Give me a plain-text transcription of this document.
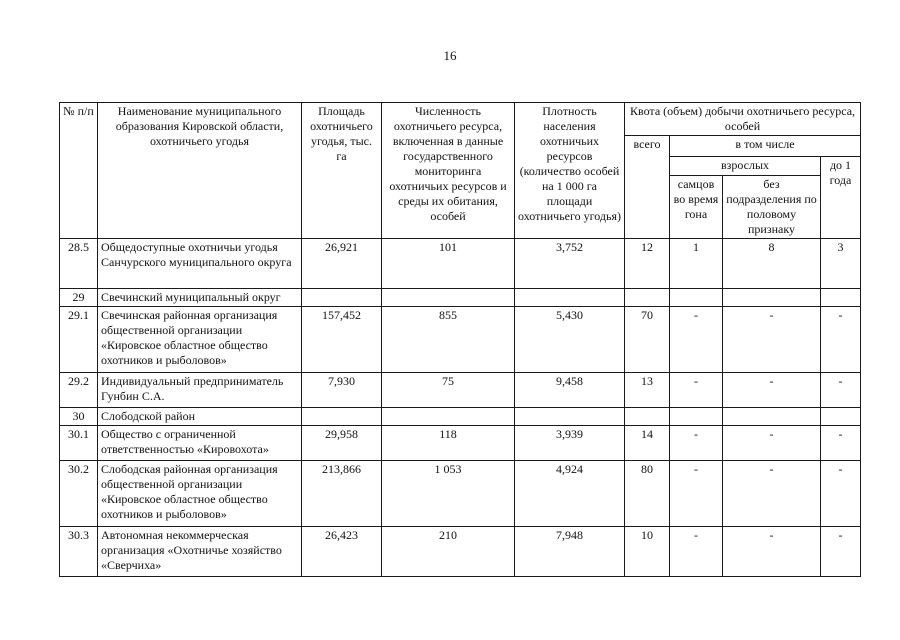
16
№ п/п	Наименование муниципального образования Кировской области, охотничьего угодья	Площадь охотничьего угодья, тыс. га	Численность охотничьего ресурса, включенная в данные государственного мониторинга охотничьих ресурсов и среды их обитания, особей	Плотность населения охотничьих ресурсов (количество особей на 1 000 га площади охотничьего угодья)	Квота (объем) добычи охотничьего ресурса, особей			
					всего	в том числе		
						взрослых		до 1 года
						самцов во время гона	без подразделения по половому признаку	
28.5	Общедоступные охотничьи угодья Санчурского муниципального округа	26,921	101	3,752	12	1	8	3
29	Свечинский муниципальный округ							
29.1	Свечинская районная организация общественной организации «Кировское областное общество охотников и рыболовов»	157,452	855	5,430	70	-	-	-
29.2	Индивидуальный предприниматель Гунбин С.А.	7,930	75	9,458	13	-	-	-
30	Слободской район							
30.1	Общество с ограниченной ответственностью «Кировохота»	29,958	118	3,939	14	-	-	-
30.2	Слободская районная организация общественной организации «Кировское областное общество охотников и рыболовов»	213,866	1 053	4,924	80	-	-	-
30.3	Автономная некоммерческая организация «Охотничье хозяйство «Сверчиха»	26,423	210	7,948	10	-	-	-
